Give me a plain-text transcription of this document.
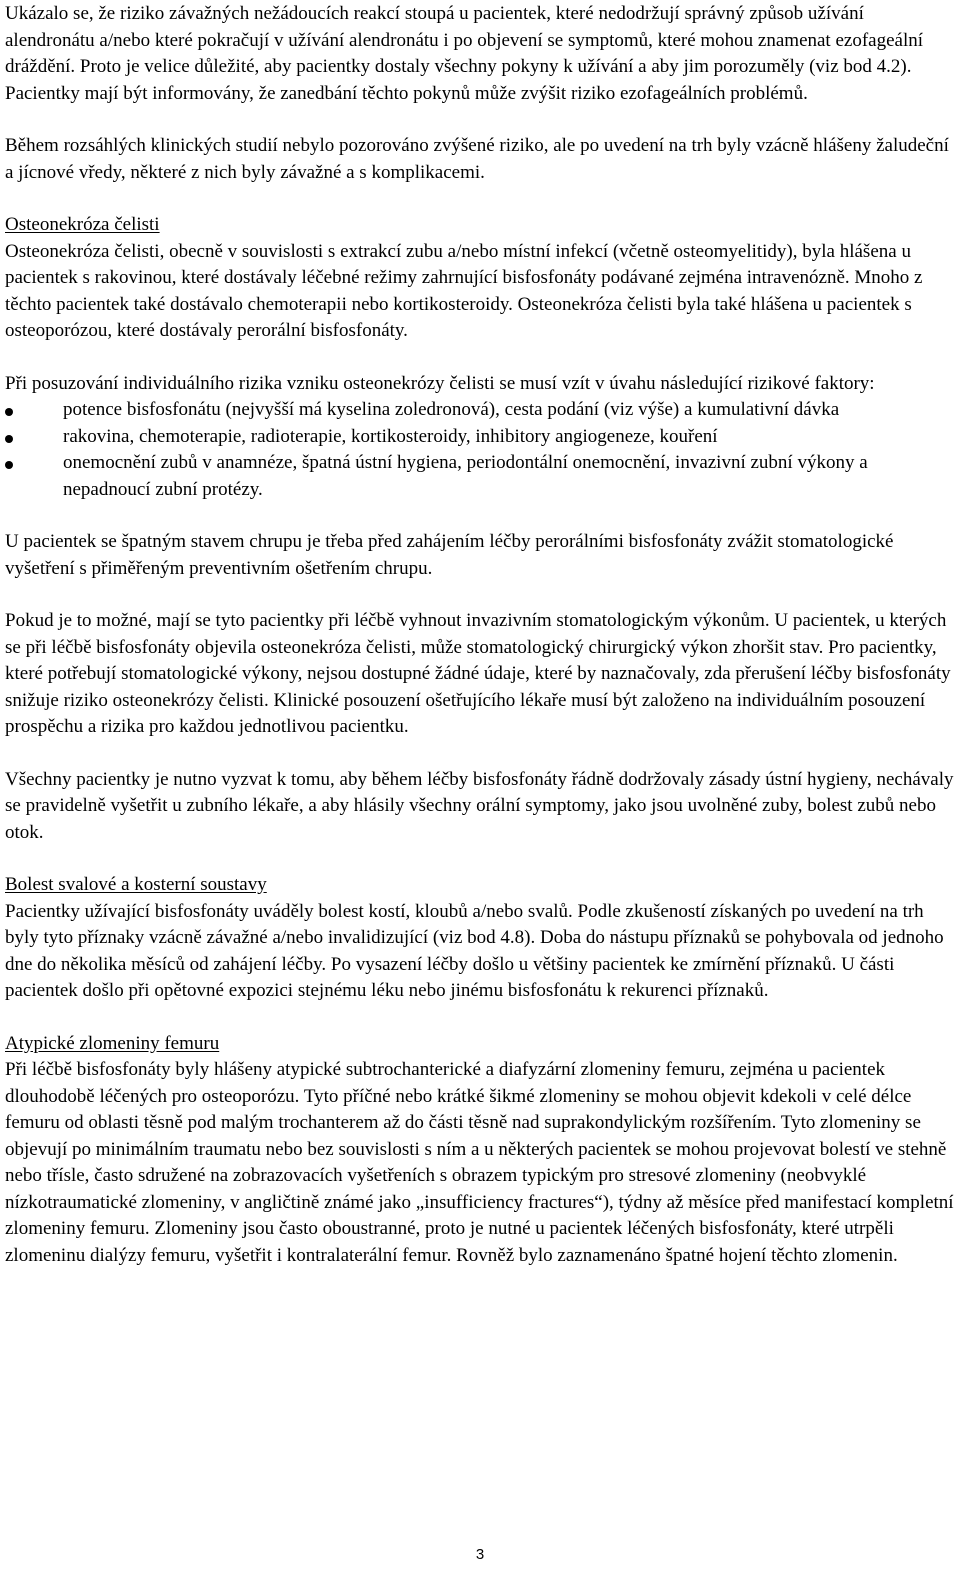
Ukázalo se, že riziko závažných nežádoucích reakcí stoupá u pacientek, které nedodržují správný způsob užívání alendronátu a/nebo které pokračují v užívání alendronátu i po objevení se symptomů, které mohou znamenat ezofageální dráždění. Proto je velice důležité, aby pacientky dostaly všechny pokyny k užívání a aby jim porozuměly (viz bod 4.2). Pacientky mají být informovány, že zanedbání těchto pokynů může zvýšit riziko ezofageálních problémů.

Během rozsáhlých klinických studií nebylo pozorováno zvýšené riziko, ale po uvedení na trh byly vzácně hlášeny žaludeční a jícnové vředy, některé z nich byly závažné a s komplikacemi.

Osteonekróza čelisti

Osteonekróza čelisti, obecně v souvislosti s extrakcí zubu a/nebo místní infekcí (včetně osteomyelitidy), byla hlášena u pacientek s rakovinou, které dostávaly léčebné režimy zahrnující bisfosfonáty podávané zejména intravenózně. Mnoho z těchto pacientek také dostávalo chemoterapii nebo kortikosteroidy. Osteonekróza čelisti byla také hlášena u pacientek s osteoporózou, které dostávaly perorální bisfosfonáty.

Při posuzování individuálního rizika vzniku osteonekrózy čelisti se musí vzít v úvahu následující rizikové faktory:

potence bisfosfonátu (nejvyšší má kyselina zoledronová), cesta podání (viz výše) a kumulativní dávka
rakovina, chemoterapie, radioterapie, kortikosteroidy, inhibitory angiogeneze, kouření
onemocnění zubů v anamnéze, špatná ústní hygiena, periodontální onemocnění, invazivní zubní výkony a nepadnoucí zubní protézy.

U pacientek se špatným stavem chrupu je třeba před zahájením léčby perorálními bisfosfonáty zvážit stomatologické vyšetření s přiměřeným preventivním ošetřením chrupu.

Pokud je to možné, mají se tyto pacientky při léčbě vyhnout invazivním stomatologickým výkonům. U pacientek, u kterých se při léčbě bisfosfonáty objevila osteonekróza čelisti, může stomatologický chirurgický výkon zhoršit stav. Pro pacientky, které potřebují stomatologické výkony, nejsou dostupné žádné údaje, které by naznačovaly, zda přerušení léčby bisfosfonáty snižuje riziko osteonekrózy čelisti. Klinické posouzení ošetřujícího lékaře musí být založeno na individuálním posouzení prospěchu a rizika pro každou jednotlivou pacientku.

Všechny pacientky je nutno vyzvat k tomu, aby během léčby bisfosfonáty řádně dodržovaly zásady ústní hygieny, nechávaly se pravidelně vyšetřit u zubního lékaře, a aby hlásily všechny orální symptomy, jako jsou uvolněné zuby, bolest zubů nebo otok.

Bolest svalové a kosterní soustavy

Pacientky užívající bisfosfonáty uváděly bolest kostí, kloubů a/nebo svalů. Podle zkušeností získaných po uvedení na trh byly tyto příznaky vzácně závažné a/nebo invalidizující (viz bod 4.8). Doba do nástupu příznaků se pohybovala od jednoho dne do několika měsíců od zahájení léčby. Po vysazení léčby došlo u většiny pacientek ke zmírnění příznaků. U části pacientek došlo při opětovné expozici stejnému léku nebo jinému bisfosfonátu k rekurenci příznaků.

Atypické zlomeniny femuru

Při léčbě bisfosfonáty byly hlášeny atypické subtrochanterické a diafyzární zlomeniny femuru, zejména u pacientek dlouhodobě léčených pro osteoporózu. Tyto příčné nebo krátké šikmé zlomeniny se mohou objevit kdekoli v celé délce femuru od oblasti těsně pod malým trochanterem až do části těsně nad suprakondylickým rozšířením. Tyto zlomeniny se objevují po minimálním traumatu nebo bez souvislosti s ním a u některých pacientek se mohou projevovat bolestí ve stehně nebo tříslе, často sdružené na zobrazovacích vyšetřeních s obrazem typickým pro stresové zlomeniny (neobvyklé nízkotraumatické zlomeniny, v angličtině známé jako „insufficiency fractures“), týdny až měsíce před manifestací kompletní zlomeniny femuru. Zlomeniny jsou často oboustranné, proto je nutné u pacientek léčených bisfosfonáty, které utrpěli zlomeninu dialýzy femuru, vyšetřit i kontralaterální femur. Rovněž bylo zaznamenáno špatné hojení těchto zlomenin.

3
